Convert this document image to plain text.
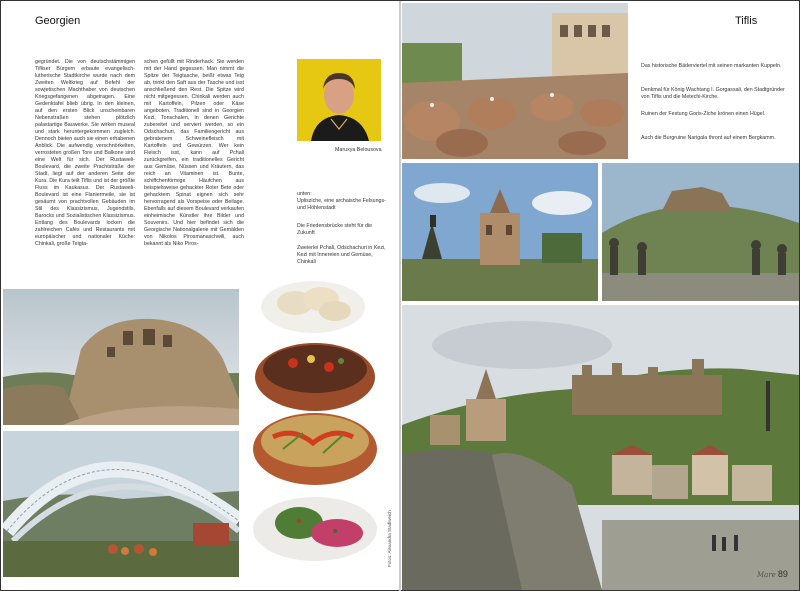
Georgien
gegründet. Die von deutschstämmigen Tifliser Bürgern erbaute evangelisch-lutherische Stadtkirche wurde nach dem Zweiten Weltkrieg auf Befehl der sowjetischen Machthaber von deutschen Kriegsgefangenen abgetragen. Eine Gedenktafel blieb übrig. In den kleinen, auf den ersten Blick unscheinbaren Nebenstraßen stehen plötzlich palastartige Bauwerke. Sie wirken museal und stark heruntergekommen zugleich. Dennoch bieten auch sie einen erhabenen Anblick. Die aufwendig verschnörkelten, verrosteten großen Tore und Balkone sind eine Welt für sich. Der Rustaweli-Boulevard, die zweite Prachtstraße der Stadt, liegt auf der anderen Seite der Kura. Die Kura teilt Tiflis und ist der größte Fluss im Kaukasus. Der Rustaweli-Boulevard ist eine Flaniermeile, sie ist gesäumt von prachtvollen Gebäuden im Stil des Klassizismus, Jugendstils, Barocks und Sozialistischen Klassizismus. Entlang des Boulevards locken die zahlreichen Cafés und Restaurants mit europäischer und nationaler Küche: Chinkali, große Teigta-
schen gefüllt mit Rinderhack. Sie werden mit der Hand gegessen. Man nimmt die Spitze der Teigtasche, beißt etwas Teig ab, trinkt den Saft aus der Tasche und isst anschließend den Rest. Die Spitze wird nicht mitgegessen. Chinkali werden auch mit Kartoffeln, Pilzen oder Käse angeboten. Traditionell sind in Georgien Kezi, Tonschalen, in denen Gerichte zubereitet und serviert werden, so ein Odschachuri, das Familiengericht aus gebratenem Schweinefleisch mit Kartoffeln und Gewürzen. Wer kein Fleisch isst, kann auf Pchali zurückgreifen, ein traditionelles Gericht aus Gemüse, Nüssen und Kräutern, das reich an Vitaminen ist. Bunte, schiffchenförmige Häufchen aus beispielsweise gehackter Roter Bete oder gehacktem Spinat eignen sich sehr hervorragend als Vorspeise oder Beilage. Ebenfalls auf diesem Boulevard verkaufen einheimische Künstler ihre Bilder und Souvenirs. Und hier befindet sich die Georgische Nationalgalerie mit Gemälden von Nikolos Pirosmanaschwili, auch bekannt als Niko Piros-
Maruxya Belousova
unten:
Uplisziche, eine archaische Felsungs- und Höhlenstadt
Die Friedensbrücke steht für die Zukunft
Zweierlei Pchali, Odschachuri in Kezi, Kezi mit Innereien und Gemüse, Chinkali
Fotos: Alexandra Stadlweich
Tiflis
Das historische Bäderviertel mit seinen markanten Kuppeln.
Denkmal für König Wachtang I. Gorgassali, den Stadtgründer von Tiflis und die Metechi-Kirche.
Ruinen der Festung Goris-Ziche krönen einen Hügel.
Auch die Burgruine Narigala thront auf einem Bergkamm.
Mare 89
